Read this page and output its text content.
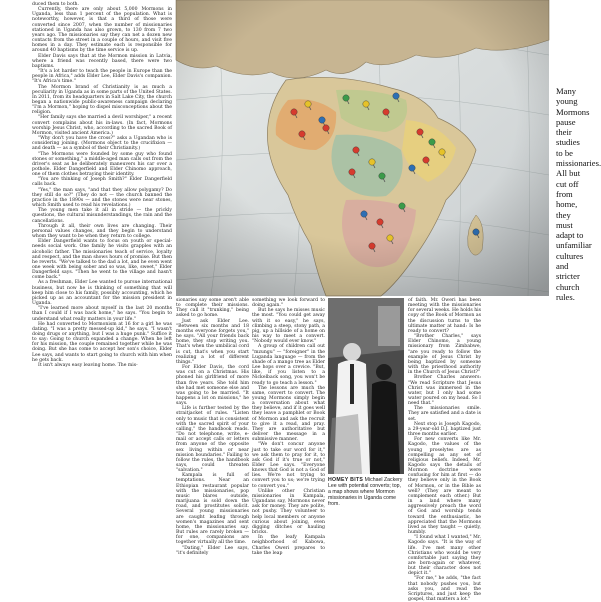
duced them to both.

Currently, there are only about 5,000 Mormons in Uganda, less than 1 percent of the population. What is noteworthy, however, is that a third of those were converted since 2007, when the number of missionaries stationed in Uganda has also grown, to 130 from 7 two years ago. The missionaries say they can net a dozen new contacts from the street in a couple of hours, and visit five homes in a day. They estimate each is responsible for around 40 baptisms by the time service is up.

Elder Davis says that at the Mormon mission in Latvia, where a friend was recently based, there were two baptisms.

"It's a lot harder to teach the people in Europe than the people in Africa," adds Elder Lee, Elder Davis's companion. "It's Africa's time."

The Mormon brand of Christianity is as much a peculiarity in Uganda as in some parts of the United States. In 2011, from its headquarters in Salt Lake City, the church began a nationwide public-awareness campaign declaring "I'm a Mormon," hoping to dispel misconceptions about the religion.

"Her family says she married a devil worshiper," a recent convert complains about his in-laws. (In fact, Mormons worship Jesus Christ, who, according to the sacred Book of Mormon, visited ancient America.)

"Why don't you have the cross?" asks a Ugandan who is considering joining. (Mormons object to the crucifixion — and death — as a symbol of their Christianity.)

"The Mormons were founded by some guy who found stones or something," a middle-aged man calls out from the driver's seat as he deliberately maneuvers his car over a pothole. Elder Dangerfield and Elder Chinomo approach, one of them clothes betraying their identity.

"You are thinking of Joseph Smith?" Elder Dangerfield calls back.

"Yes," the man says, "and that they allow polygamy? Do they still do so?" (They do not — the church banned the practice in the 1890s — and the stones were near stones, which Smith used to read his revelations.)

The young men take it all in stride — the prickly questions, the cultural misunderstandings, the rain and the cancellations.

Through it all, their own lives are changing. Their personal values changes, and they begin to understand whom they want to be when they return to college.

Elder Dangerfield wants to focus on youth or special-needs social work. One family he visits grapples with an alcoholic father. The missionaries teach of service, loyalty and respect, and the man shows hours of promise. But then he reverts. "We've talked to the dad a lot, and he even went one week with being sober and so was, like, sweet," Elder Dangerfield says. "Then he went to the village and hasn't come back."

As a freshman, Elder Lee wanted to pursue international business, but now he is thinking of something that will keep him close to his family, possibly accounting, which he picked up as an accountant for the mission president in Uganda.

"I've learned more about myself in the last 20 months than I could if I was back home," he says. "You begin to understand what really matters in your life."

He had converted to Mormonism at 16 for a girl he was dating. "I was a pretty messed-up kid," he says. "I wasn't doing drugs or anything, but I was a huge punk." Suffice it to say: Going to church expanded a change. When he left for his mission, the couple remained together while he was doing. But she has come to accept her son's choice, Elder Lee says, and wants to start going to church with him when he gets back.

It isn't always easy leaving home. The mis-

Many young Mormons pause their studies to be missionaries. All but cut off from home, they must adapt to unfamiliar cultures and stricter church rules.

sionaries say some aren't able to complete their missions. They call it "trunking," being asked to go home.

Just ask Elder Lee. "Between six months and 18 months everyone forgets you," he says. "All your friends back home, they stop writing you. That's when the umbilical cord is cut, that's when you start realizing a lot of different things."

For Elder Davis, the cord was cut on a Christmas. His phoned his girlfriend of more than five years. She told him she had met someone else and was going to be married. "It happens a lot on missions," he says.

Life is further tested by the straitjacket of rules. "Listen only to music that is consistent with the sacred spirit of your calling," the handbook reads. "Do not telephone, write, e-mail or accept calls or letters from anyone of the opposite sex living within or near mission boundaries." Failing to follow the rules, the handbook says, could threaten "salvation."

Kampala is full of temptations. Near an Ethiopian restaurant popular with the missionaries, pop music blares outside, marijuana is sold down the road, and prostitutes solicit. Several young missionaries are caught leafing through women's magazines and sent home, the missionaries say. But rules are rarely broken — for one, companions are together virtually all the time.

"Dating," Elder Lee says, "it's definitely

something we look forward to doing again."

But he says he misses music the most. "You could get away with it so easy," he says, climbing a steep, stony path, a pig, up a hillside of a home on his way to meet a convert. "Nobody would ever know."

A group of children call out "mzungu" — "foreigner" in the Luganda language — from the shade of a mango tree as Elder Lee hops over a crevice. "But, like, if you listen to a Nickelback song, you won't be ready to go teach a lesson."

The lessons are much the same, convert to convert. The young Mormons simply begin a conversation about what they believe, and if it goes well they leave a pamphlet or Book of Mormon and ask the recruit to give it a read, and pray. They are authoritative but deliver the message in a submissive manner.

"We don't concur anyone just to take our word for it," we ask them to pray for it, to ask God if it's true or not," Elder Lee says. "Everyone knows that God is not a God of lies. We're not trying to convert you to us; we're trying to convert you."

Unlike other Christian missionaries in Kampala, Ugandans say, Mormons never ask for money. They are polite, not pushy. They volunteer to help local members or anyone curious about joining, even digging ditches or hauling bricks.

In the leafy Kampala neighborhood of Kabowa, Charles Oweri prepares to take the leap

HOMEY BITS Michael Zackery Lee with potential converts; top, a map shows where Mormon missionaries in Uganda come from.

of faith. Mr. Oweri has been meeting with the missionaries for several weeks. He holds his copy of the Book of Mormon as the discussion turns to the ultimate matter at hand: Is he ready to convert?

"Brother Charles," says Elder Chinomo, a young missionary from Zimbabwe, "are you ready to follow the example of Jesus Christ by being baptized by someone with the priesthood authority in the Church of Jesus Christ?"

Brother Charles answers: "We read Scripture that Jesus Christ was immersed in the water, but I only had some water poured on my head. So I need that."

The missionaries smile. They are satisfied and a date is set.

Next stop is Joseph Kagodo, a 29-year-old D.J. baptized just three months earlier.

For new converts like Mr. Kagodo, the values of the young proselytes are as compelling as any set of religious beliefs. Indeed, Mr. Kagodo says the details of Mormon doctrine were confusing for him at first — do they believe only in the Book of Mormon, or in the Bible as well? (They are meant to complement each other.) But in a land where many aggressively preach the word of God and worship tends toward the enthusiastic, he appreciated that the Mormons lived as they taught — quietly, humbly.

"I found what I wanted," Mr. Kagodo says. "It is the way of life. I've met many other Christians who would be very comfortable just saying they are born-again or whatever, but their character does not depict it."

"For me," he adds, "the fact that nobody pushes you, but asks you, and read the Scriptures, and just keep the gospel, that matters a lot."
